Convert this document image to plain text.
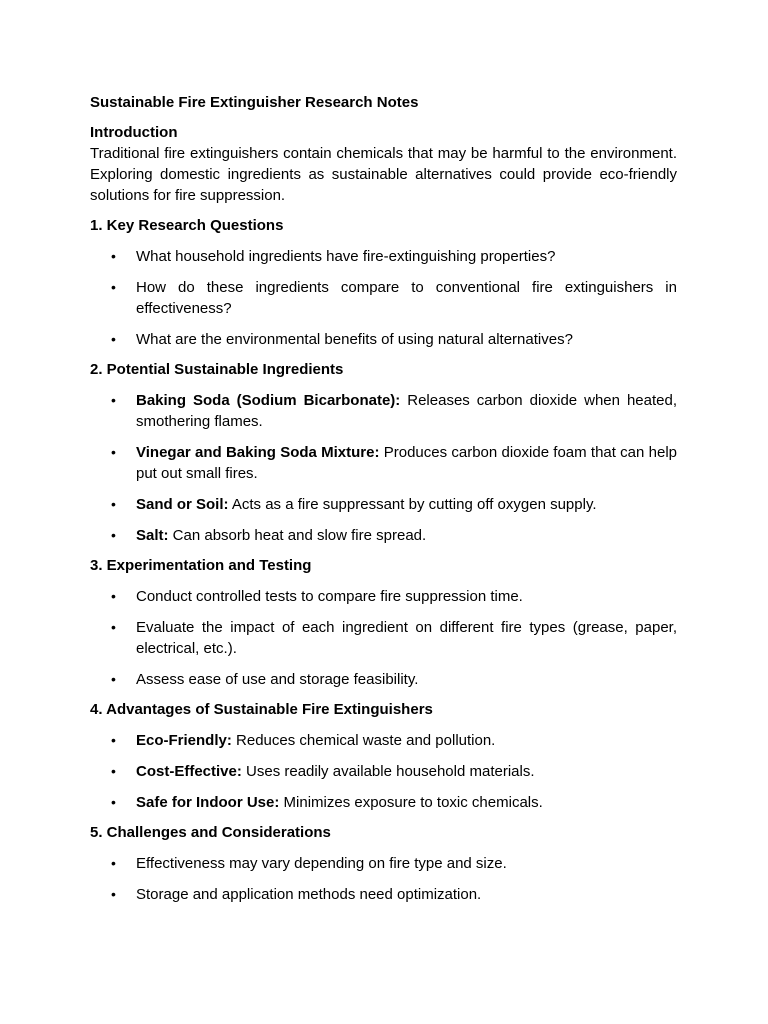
Sustainable Fire Extinguisher Research Notes

Introduction

Traditional fire extinguishers contain chemicals that may be harmful to the environment. Exploring domestic ingredients as sustainable alternatives could provide eco-friendly solutions for fire suppression.

1. Key Research Questions

• What household ingredients have fire-extinguishing properties?
• How do these ingredients compare to conventional fire extinguishers in effectiveness?
• What are the environmental benefits of using natural alternatives?

2. Potential Sustainable Ingredients

• Baking Soda (Sodium Bicarbonate): Releases carbon dioxide when heated, smothering flames.
• Vinegar and Baking Soda Mixture: Produces carbon dioxide foam that can help put out small fires.
• Sand or Soil: Acts as a fire suppressant by cutting off oxygen supply.
• Salt: Can absorb heat and slow fire spread.

3. Experimentation and Testing

• Conduct controlled tests to compare fire suppression time.
• Evaluate the impact of each ingredient on different fire types (grease, paper, electrical, etc.).
• Assess ease of use and storage feasibility.

4. Advantages of Sustainable Fire Extinguishers

• Eco-Friendly: Reduces chemical waste and pollution.
• Cost-Effective: Uses readily available household materials.
• Safe for Indoor Use: Minimizes exposure to toxic chemicals.

5. Challenges and Considerations

• Effectiveness may vary depending on fire type and size.
• Storage and application methods need optimization.
